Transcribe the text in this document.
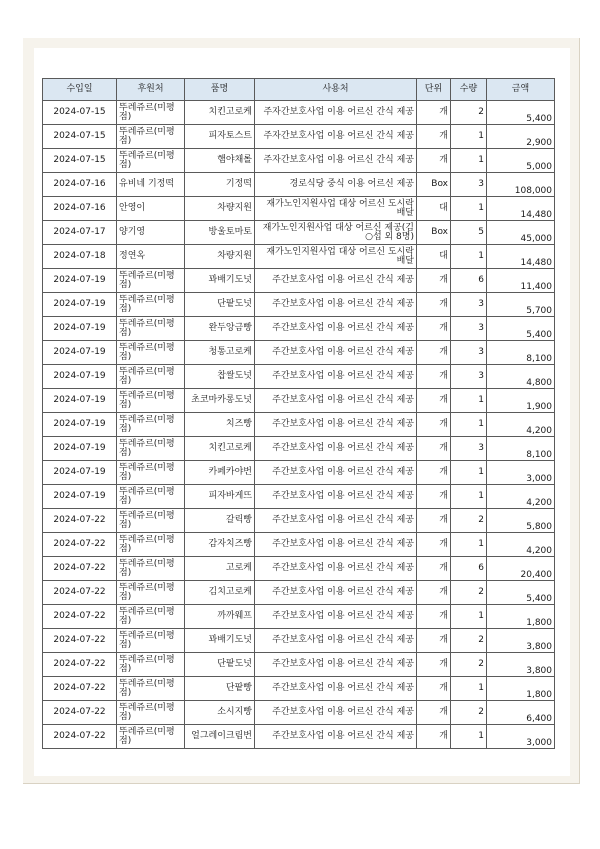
수입일	후원처	품명	사용처	단위	수량	금액
2024-07-15	뚜레쥬르(미평점)	치킨고로케	주자간보호사업 이용 어르신 간식 제공	개	2	5,400
2024-07-15	뚜레쥬르(미평점)	피자토스트	주자간보호사업 이용 어르신 간식 제공	개	1	2,900
2024-07-15	뚜레쥬르(미평점)	햄야채롤	주자간보호사업 이용 어르신 간식 제공	개	1	5,000
2024-07-16	유비네 기정떡	기정떡	경로식당 중식 이용 어르신 제공	Box	3	108,000
2024-07-16	안영이	차량지원	재가노인지원사업 대상 어르신 도시락 배달	대	1	14,480
2024-07-17	양기영	방울토마토	재가노인지원사업 대상 어르신 제공(김○섭 외 8명)	Box	5	45,000
2024-07-18	정연옥	차량지원	재가노인지원사업 대상 어르신 도시락 배달	대	1	14,480
2024-07-19	뚜레쥬르(미평점)	꽈배기도넛	주간보호사업 이용 어르신 간식 제공	개	6	11,400
2024-07-19	뚜레쥬르(미평점)	단팥도넛	주간보호사업 이용 어르신 간식 제공	개	3	5,700
2024-07-19	뚜레쥬르(미평점)	완두앙금빵	주간보호사업 이용 어르신 간식 제공	개	3	5,400
2024-07-19	뚜레쥬르(미평점)	청통고로케	주간보호사업 이용 어르신 간식 제공	개	3	8,100
2024-07-19	뚜레쥬르(미평점)	찹쌀도넛	주간보호사업 이용 어르신 간식 제공	개	3	4,800
2024-07-19	뚜레쥬르(미평점)	초코마카롱도넛	주간보호사업 이용 어르신 간식 제공	개	1	1,900
2024-07-19	뚜레쥬르(미평점)	치즈빵	주간보호사업 이용 어르신 간식 제공	개	1	4,200
2024-07-19	뚜레쥬르(미평점)	치킨고로케	주간보호사업 이용 어르신 간식 제공	개	3	8,100
2024-07-19	뚜레쥬르(미평점)	카페카야번	주간보호사업 이용 어르신 간식 제공	개	1	3,000
2024-07-19	뚜레쥬르(미평점)	피자바게뜨	주간보호사업 이용 어르신 간식 제공	개	1	4,200
2024-07-22	뚜레쥬르(미평점)	갈릭빵	주간보호사업 이용 어르신 간식 제공	개	2	5,800
2024-07-22	뚜레쥬르(미평점)	감자치즈빵	주간보호사업 이용 어르신 간식 제공	개	1	4,200
2024-07-22	뚜레쥬르(미평점)	고로케	주간보호사업 이용 어르신 간식 제공	개	6	20,400
2024-07-22	뚜레쥬르(미평점)	김치고로케	주간보호사업 이용 어르신 간식 제공	개	2	5,400
2024-07-22	뚜레쥬르(미평점)	까까웨프	주간보호사업 이용 어르신 간식 제공	개	1	1,800
2024-07-22	뚜레쥬르(미평점)	꽈배기도넛	주간보호사업 이용 어르신 간식 제공	개	2	3,800
2024-07-22	뚜레쥬르(미평점)	단팥도넛	주간보호사업 이용 어르신 간식 제공	개	2	3,800
2024-07-22	뚜레쥬르(미평점)	단팥빵	주간보호사업 이용 어르신 간식 제공	개	1	1,800
2024-07-22	뚜레쥬르(미평점)	소시지빵	주간보호사업 이용 어르신 간식 제공	개	2	6,400
2024-07-22	뚜레쥬르(미평점)	얼그레이크림번	주간보호사업 이용 어르신 간식 제공	개	1	3,000
